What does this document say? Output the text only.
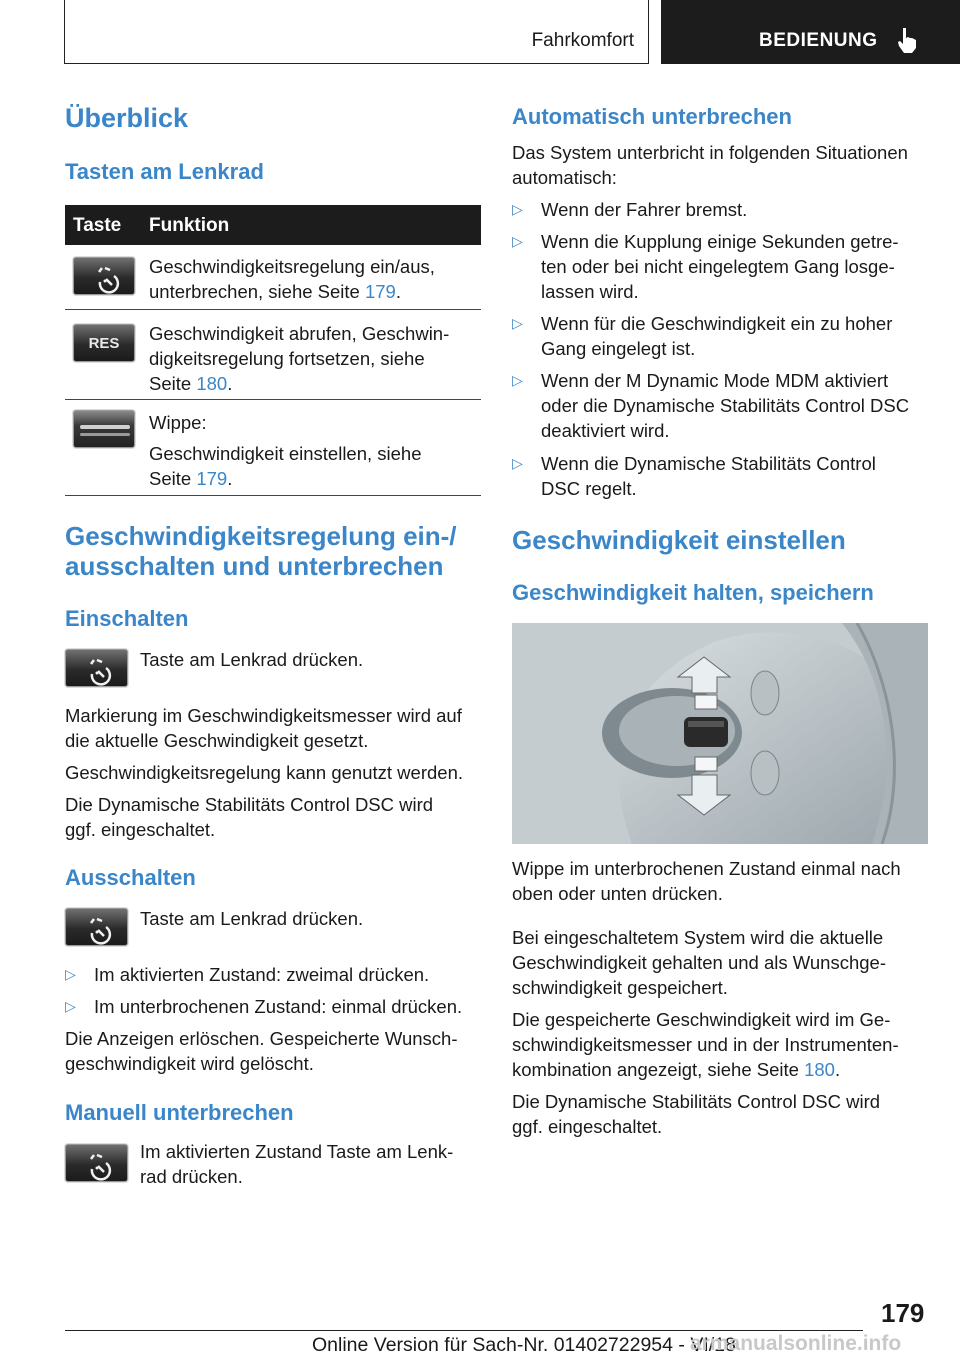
Fahrkomfort	BEDIENUNG
Überblick
Tasten am Lenkrad
Taste Funktion
Geschwindigkeitsregelung ein/aus,
unterbrechen, siehe Seite 179.
RES	Geschwindigkeit abrufen, Geschwin-
digkeitsregelung fortsetzen, siehe
Seite 180.
Wippe:
Geschwindigkeit einstellen, siehe
Seite 179.
Geschwindigkeitsregelung ein-/
ausschalten und unterbrechen
Einschalten
Taste am Lenkrad drücken.
Markierung im Geschwindigkeitsmesser wird auf
die aktuelle Geschwindigkeit gesetzt.
Geschwindigkeitsregelung kann genutzt werden.
Die Dynamische Stabilitäts Control DSC wird
ggf. eingeschaltet.
Ausschalten
Taste am Lenkrad drücken.
▷ Im aktivierten Zustand: zweimal drücken.
▷ Im unterbrochenen Zustand: einmal drücken.
Die Anzeigen erlöschen. Gespeicherte Wunsch-
geschwindigkeit wird gelöscht.
Manuell unterbrechen
Im aktivierten Zustand Taste am Lenk-
rad drücken.
Automatisch unterbrechen
Das System unterbricht in folgenden Situationen
automatisch:
▷ Wenn der Fahrer bremst.
▷ Wenn die Kupplung einige Sekunden getre-
ten oder bei nicht eingelegtem Gang losge-
lassen wird.
▷ Wenn für die Geschwindigkeit ein zu hoher
Gang eingelegt ist.
▷ Wenn der M Dynamic Mode MDM aktiviert
oder die Dynamische Stabilitäts Control DSC
deaktiviert wird.
▷ Wenn die Dynamische Stabilitäts Control
DSC regelt.
Geschwindigkeit einstellen
Geschwindigkeit halten, speichern
Wippe im unterbrochenen Zustand einmal nach
oben oder unten drücken.
Bei eingeschaltetem System wird die aktuelle
Geschwindigkeit gehalten und als Wunschge-
schwindigkeit gespeichert.
Die gespeicherte Geschwindigkeit wird im Ge-
schwindigkeitsmesser und in der Instrumenten-
kombination angezeigt, siehe Seite 180.
Die Dynamische Stabilitäts Control DSC wird
ggf. eingeschaltet.
179
Online Version für Sach-Nr. 01402722954 - VI/18
armanualsonline.info
